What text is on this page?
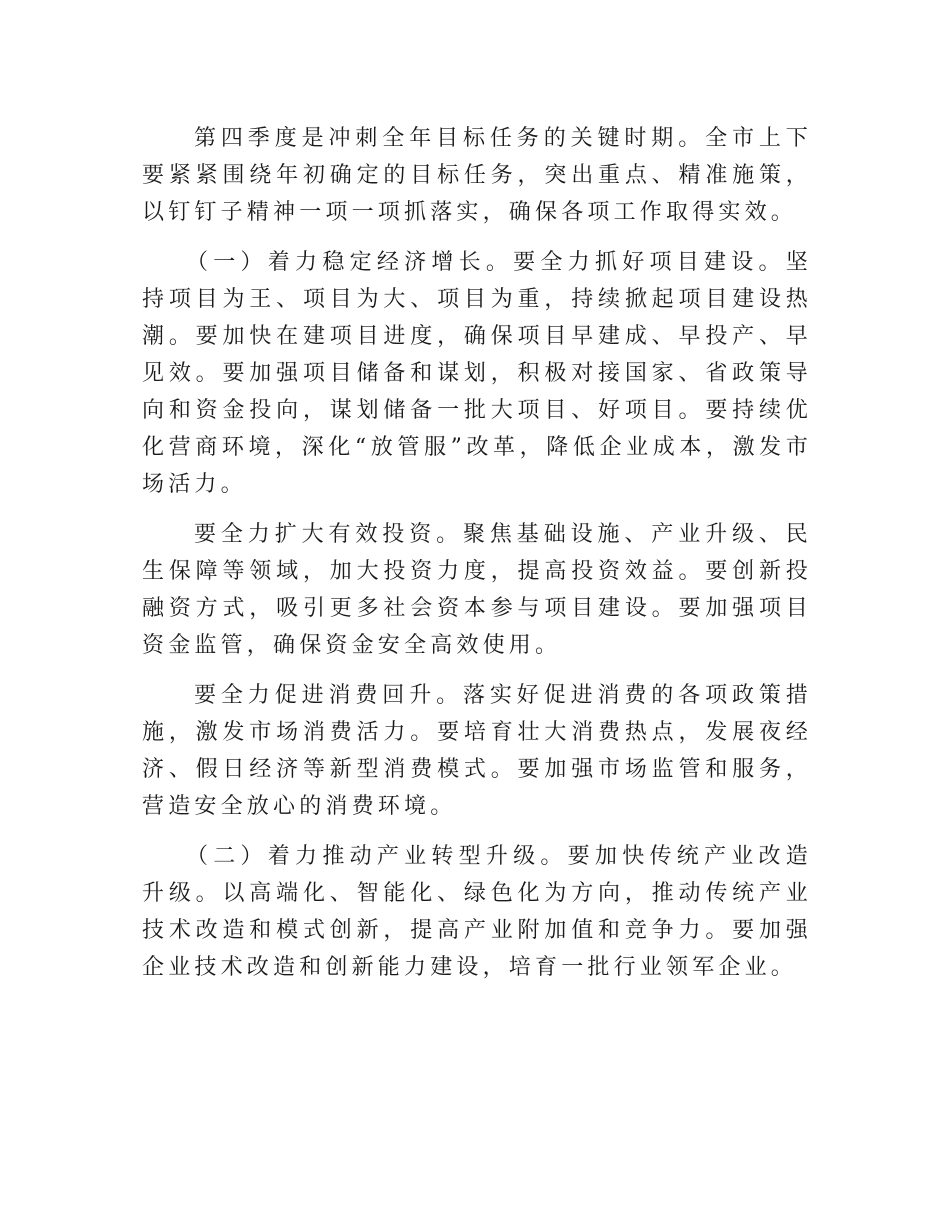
第四季度是冲刺全年目标任务的关键时期。全市上下要紧紧围绕年初确定的目标任务，突出重点、精准施策，以钉钉子精神一项一项抓落实，确保各项工作取得实效。

（一）着力稳定经济增长。要全力抓好项目建设。坚持项目为王、项目为大、项目为重，持续掀起项目建设热潮。要加快在建项目进度，确保项目早建成、早投产、早见效。要加强项目储备和谋划，积极对接国家、省政策导向和资金投向，谋划储备一批大项目、好项目。要持续优化营商环境，深化“放管服”改革，降低企业成本，激发市场活力。

要全力扩大有效投资。聚焦基础设施、产业升级、民生保障等领域，加大投资力度，提高投资效益。要创新投融资方式，吸引更多社会资本参与项目建设。要加强项目资金监管，确保资金安全高效使用。

要全力促进消费回升。落实好促进消费的各项政策措施，激发市场消费活力。要培育壮大消费热点，发展夜经济、假日经济等新型消费模式。要加强市场监管和服务，营造安全放心的消费环境。

（二）着力推动产业转型升级。要加快传统产业改造升级。以高端化、智能化、绿色化为方向，推动传统产业技术改造和模式创新，提高产业附加值和竞争力。要加强企业技术改造和创新能力建设，培育一批行业领军企业。
